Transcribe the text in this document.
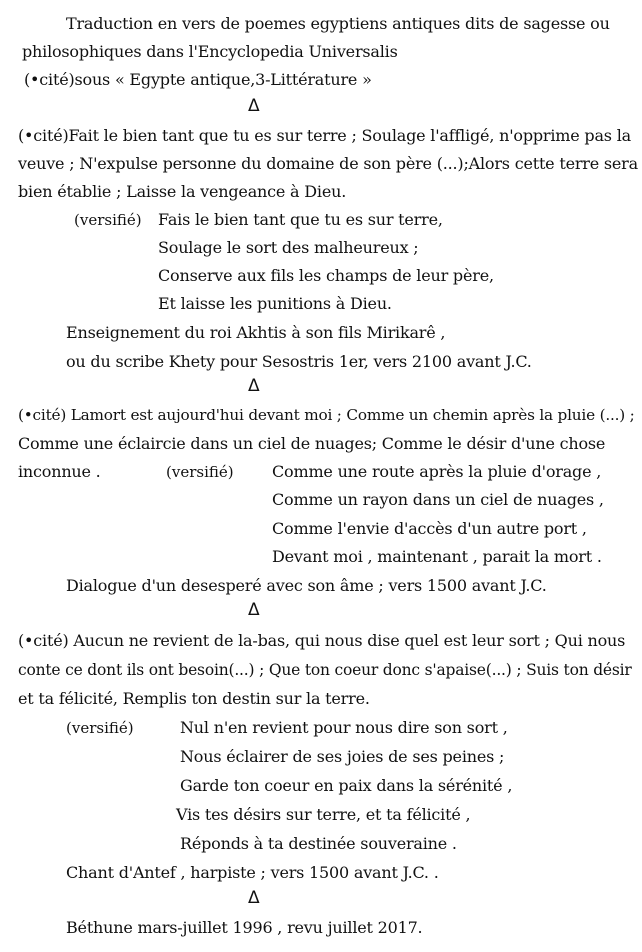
Traduction en vers de poemes egyptiens antiques dits de sagesse ou
philosophiques dans l'Encyclopedia Universalis
(•cité)sous « Egypte antique,3-Littérature »
Δ
(•cité)Fait le bien tant que tu es sur terre ; Soulage l'affligé, n'opprime pas la
veuve ; N'expulse personne du domaine de son père (...);Alors cette terre sera
bien établie ; Laisse la vengeance à Dieu.
(versifié) Fais le bien tant que tu es sur terre,
Soulage le sort des malheureux ;
Conserve aux fils les champs de leur père,
Et laisse les punitions à Dieu.
Enseignement du roi Akhtis à son fils Mirikarê ,
ou du scribe Khety pour Sesostris 1er, vers 2100 avant J.C.
Δ
(•cité) Lamort est aujourd'hui devant moi ; Comme un chemin après la pluie (...) ;
Comme une éclaircie dans un ciel de nuages; Comme le désir d'une chose
inconnue .	(versifié) Comme une route après la pluie d'orage ,
Comme un rayon dans un ciel de nuages ,
Comme l'envie d'accès d'un autre port ,
Devant moi , maintenant , parait la mort .
Dialogue d'un desesperé avec son âme ; vers 1500 avant J.C.
Δ
(•cité) Aucun ne revient de la-bas, qui nous dise quel est leur sort ; Qui nous
conte ce dont ils ont besoin(...) ; Que ton coeur donc s'apaise(...) ; Suis ton désir
et ta félicité, Remplis ton destin sur la terre.
(versifié)	Nul n'en revient pour nous dire son sort ,
Nous éclairer de ses joies de ses peines ;
Garde ton coeur en paix dans la sérénité ,
Vis tes désirs sur terre, et ta félicité ,
Réponds à ta destinée souveraine .
Chant d'Antef , harpiste ; vers 1500 avant J.C. .
Δ
Béthune mars-juillet 1996 , revu juillet 2017.
